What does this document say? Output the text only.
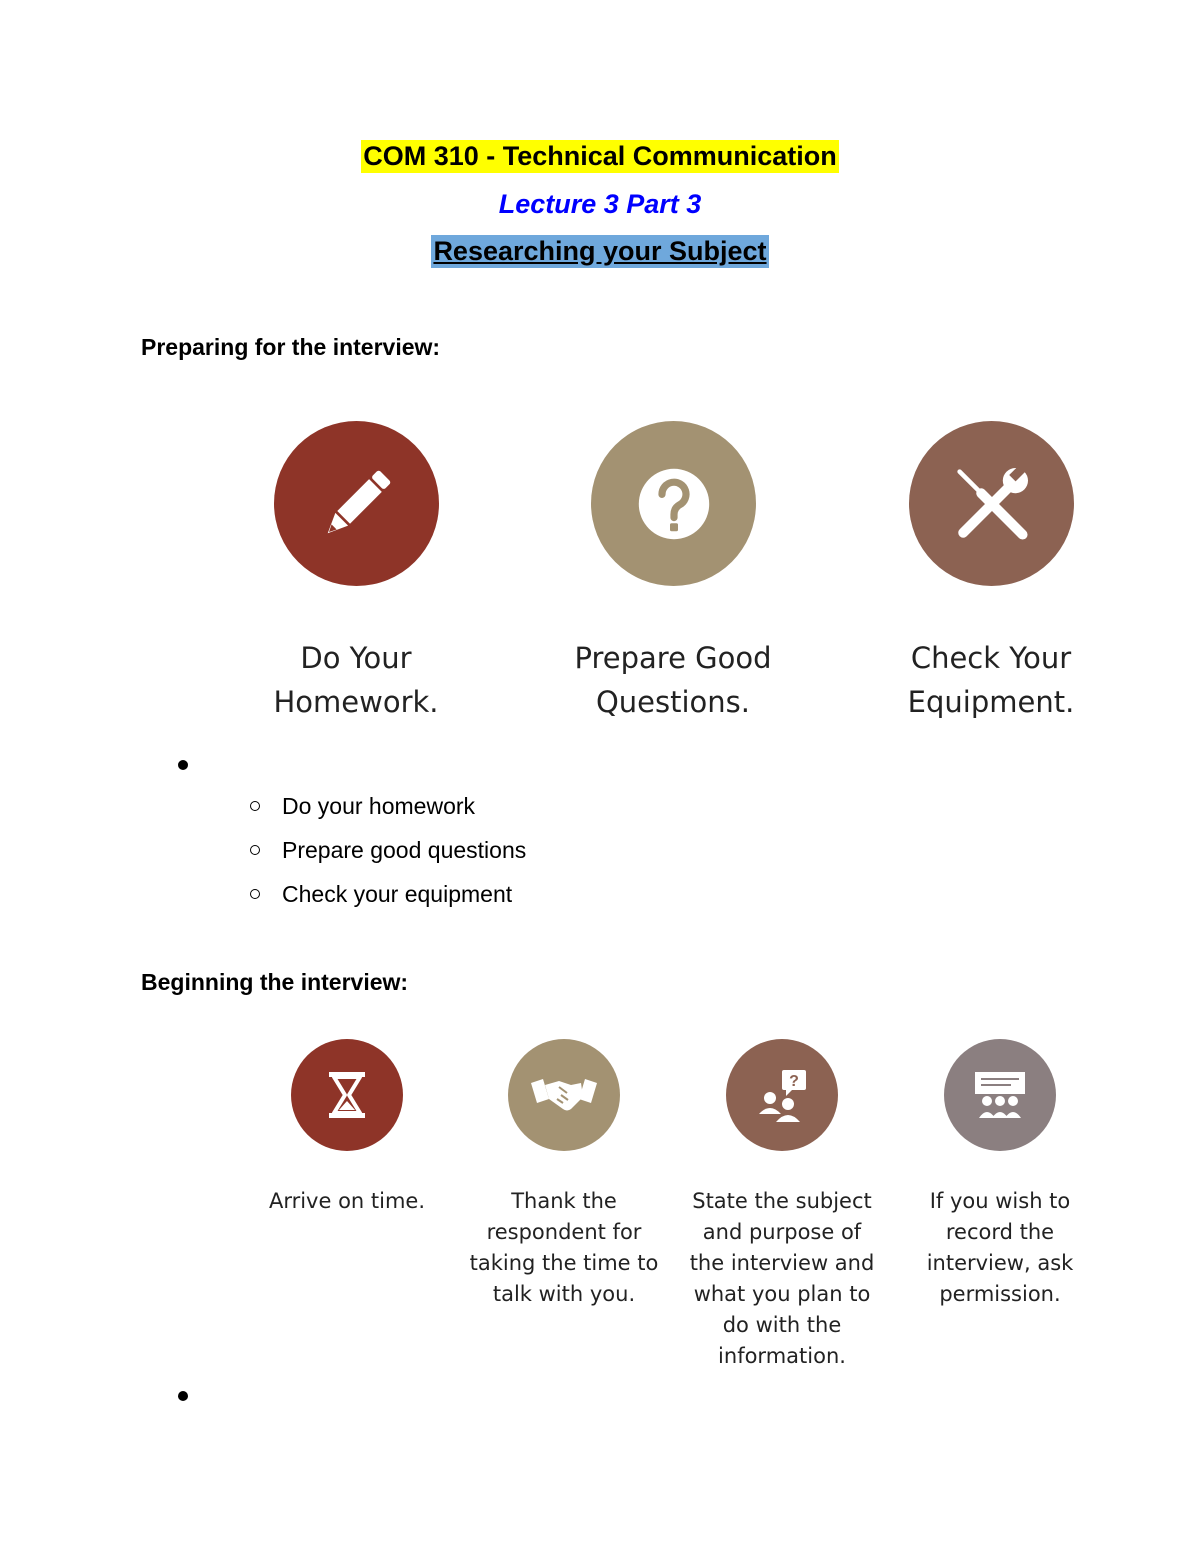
COM 310 - Technical Communication
Lecture 3 Part 3
Researching your Subject
Preparing for the interview:
Do Your
Homework.
Prepare Good
Questions.
Check Your
Equipment.
Do your homework
Prepare good questions
Check your equipment
Beginning the interview:
Arrive on time.	Thank the
respondent for
taking the time to
talk with you.
?
State the subject
and purpose of
the interview and
what you plan to
do with the
information.
If you wish to
record the
interview, ask
permission.
